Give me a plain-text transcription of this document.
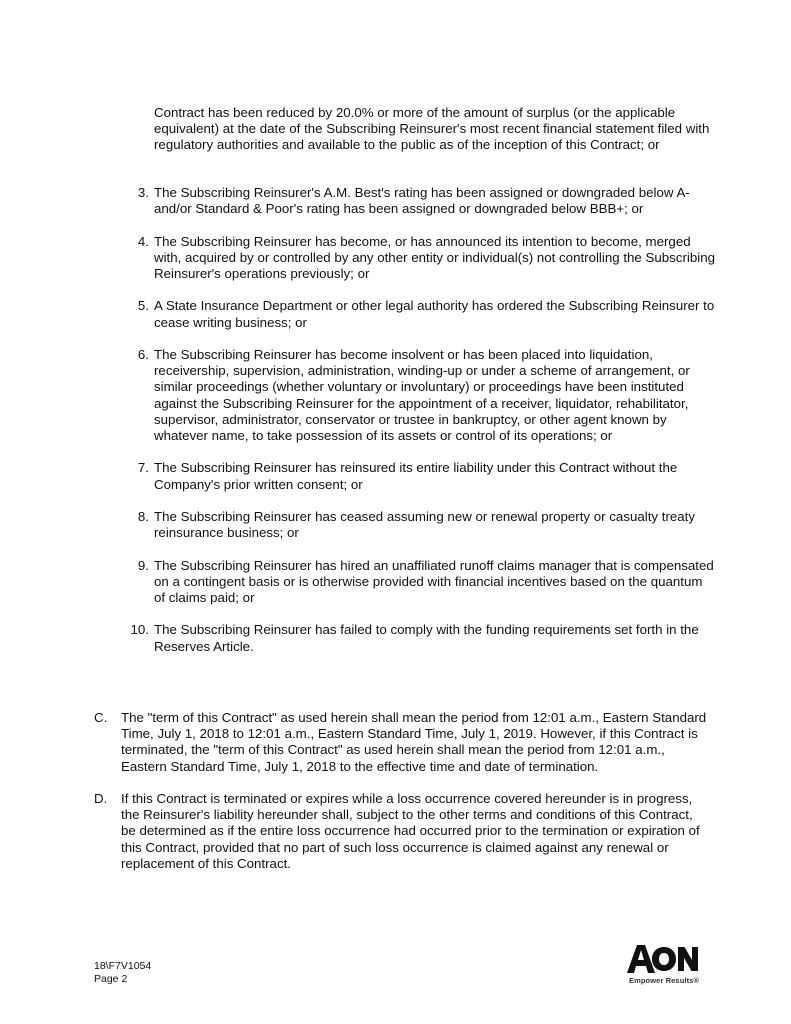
Contract has been reduced by 20.0% or more of the amount of surplus (or the applicable equivalent) at the date of the Subscribing Reinsurer's most recent financial statement filed with regulatory authorities and available to the public as of the inception of this Contract; or

3. The Subscribing Reinsurer's A.M. Best's rating has been assigned or downgraded below A- and/or Standard & Poor's rating has been assigned or downgraded below BBB+; or

4. The Subscribing Reinsurer has become, or has announced its intention to become, merged with, acquired by or controlled by any other entity or individual(s) not controlling the Subscribing Reinsurer's operations previously; or

5. A State Insurance Department or other legal authority has ordered the Subscribing Reinsurer to cease writing business; or

6. The Subscribing Reinsurer has become insolvent or has been placed into liquidation, receivership, supervision, administration, winding-up or under a scheme of arrangement, or similar proceedings (whether voluntary or involuntary) or proceedings have been instituted against the Subscribing Reinsurer for the appointment of a receiver, liquidator, rehabilitator, supervisor, administrator, conservator or trustee in bankruptcy, or other agent known by whatever name, to take possession of its assets or control of its operations; or

7. The Subscribing Reinsurer has reinsured its entire liability under this Contract without the Company's prior written consent; or

8. The Subscribing Reinsurer has ceased assuming new or renewal property or casualty treaty reinsurance business; or

9. The Subscribing Reinsurer has hired an unaffiliated runoff claims manager that is compensated on a contingent basis or is otherwise provided with financial incentives based on the quantum of claims paid; or

10. The Subscribing Reinsurer has failed to comply with the funding requirements set forth in the Reserves Article.

C. The "term of this Contract" as used herein shall mean the period from 12:01 a.m., Eastern Standard Time, July 1, 2018 to 12:01 a.m., Eastern Standard Time, July 1, 2019. However, if this Contract is terminated, the "term of this Contract" as used herein shall mean the period from 12:01 a.m., Eastern Standard Time, July 1, 2018 to the effective time and date of termination.

D. If this Contract is terminated or expires while a loss occurrence covered hereunder is in progress, the Reinsurer's liability hereunder shall, subject to the other terms and conditions of this Contract, be determined as if the entire loss occurrence had occurred prior to the termination or expiration of this Contract, provided that no part of such loss occurrence is claimed against any renewal or replacement of this Contract.

18\F7V1054
Page 2	Empower Results®
